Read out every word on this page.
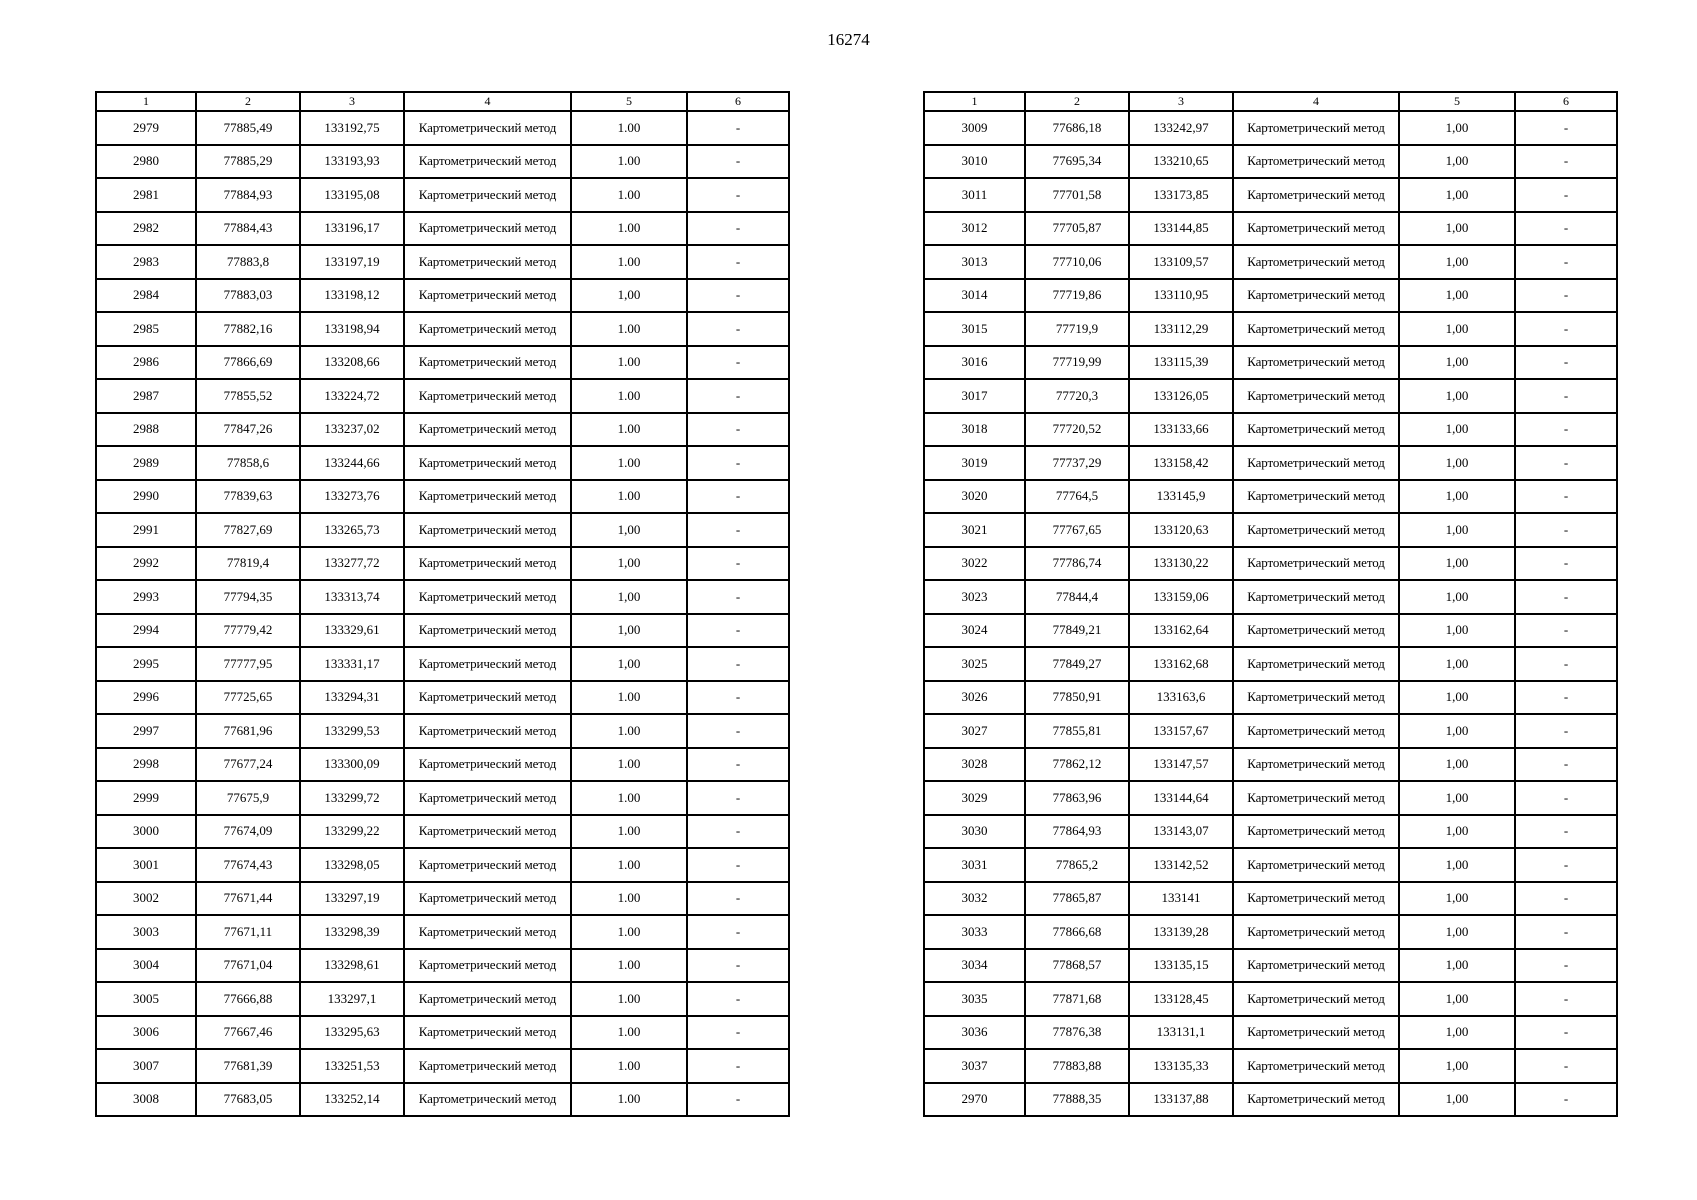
16274
1	2	3	4	5	6
2979	77885,49	133192,75	Картометрический метод	1.00	-
2980	77885,29	133193,93	Картометрический метод	1.00	-
2981	77884,93	133195,08	Картометрический метод	1.00	-
2982	77884,43	133196,17	Картометрический метод	1.00	-
2983	77883,8	133197,19	Картометрический метод	1.00	-
2984	77883,03	133198,12	Картометрический метод	1,00	-
2985	77882,16	133198,94	Картометрический метод	1.00	-
2986	77866,69	133208,66	Картометрический метод	1.00	-
2987	77855,52	133224,72	Картометрический метод	1.00	-
2988	77847,26	133237,02	Картометрический метод	1.00	-
2989	77858,6	133244,66	Картометрический метод	1.00	-
2990	77839,63	133273,76	Картометрический метод	1.00	-
2991	77827,69	133265,73	Картометрический метод	1,00	-
2992	77819,4	133277,72	Картометрический метод	1,00	-
2993	77794,35	133313,74	Картометрический метод	1,00	-
2994	77779,42	133329,61	Картометрический метод	1,00	-
2995	77777,95	133331,17	Картометрический метод	1,00	-
2996	77725,65	133294,31	Картометрический метод	1.00	-
2997	77681,96	133299,53	Картометрический метод	1.00	-
2998	77677,24	133300,09	Картометрический метод	1.00	-
2999	77675,9	133299,72	Картометрический метод	1.00	-
3000	77674,09	133299,22	Картометрический метод	1.00	-
3001	77674,43	133298,05	Картометрический метод	1.00	-
3002	77671,44	133297,19	Картометрический метод	1.00	-
3003	77671,11	133298,39	Картометрический метод	1.00	-
3004	77671,04	133298,61	Картометрический метод	1.00	-
3005	77666,88	133297,1	Картометрический метод	1.00	-
3006	77667,46	133295,63	Картометрический метод	1.00	-
3007	77681,39	133251,53	Картометрический метод	1.00	-
3008	77683,05	133252,14	Картометрический метод	1.00	-
1	2	3	4	5	6
3009	77686,18	133242,97	Картометрический метод	1,00	-
3010	77695,34	133210,65	Картометрический метод	1,00	-
3011	77701,58	133173,85	Картометрический метод	1,00	-
3012	77705,87	133144,85	Картометрический метод	1,00	-
3013	77710,06	133109,57	Картометрический метод	1,00	-
3014	77719,86	133110,95	Картометрический метод	1,00	-
3015	77719,9	133112,29	Картометрический метод	1,00	-
3016	77719,99	133115,39	Картометрический метод	1,00	-
3017	77720,3	133126,05	Картометрический метод	1,00	-
3018	77720,52	133133,66	Картометрический метод	1,00	-
3019	77737,29	133158,42	Картометрический метод	1,00	-
3020	77764,5	133145,9	Картометрический метод	1,00	-
3021	77767,65	133120,63	Картометрический метод	1,00	-
3022	77786,74	133130,22	Картометрический метод	1,00	-
3023	77844,4	133159,06	Картометрический метод	1,00	-
3024	77849,21	133162,64	Картометрический метод	1,00	-
3025	77849,27	133162,68	Картометрический метод	1,00	-
3026	77850,91	133163,6	Картометрический метод	1,00	-
3027	77855,81	133157,67	Картометрический метод	1,00	-
3028	77862,12	133147,57	Картометрический метод	1,00	-
3029	77863,96	133144,64	Картометрический метод	1,00	-
3030	77864,93	133143,07	Картометрический метод	1,00	-
3031	77865,2	133142,52	Картометрический метод	1,00	-
3032	77865,87	133141	Картометрический метод	1,00	-
3033	77866,68	133139,28	Картометрический метод	1,00	-
3034	77868,57	133135,15	Картометрический метод	1,00	-
3035	77871,68	133128,45	Картометрический метод	1,00	-
3036	77876,38	133131,1	Картометрический метод	1,00	-
3037	77883,88	133135,33	Картометрический метод	1,00	-
2970	77888,35	133137,88	Картометрический метод	1,00	-
